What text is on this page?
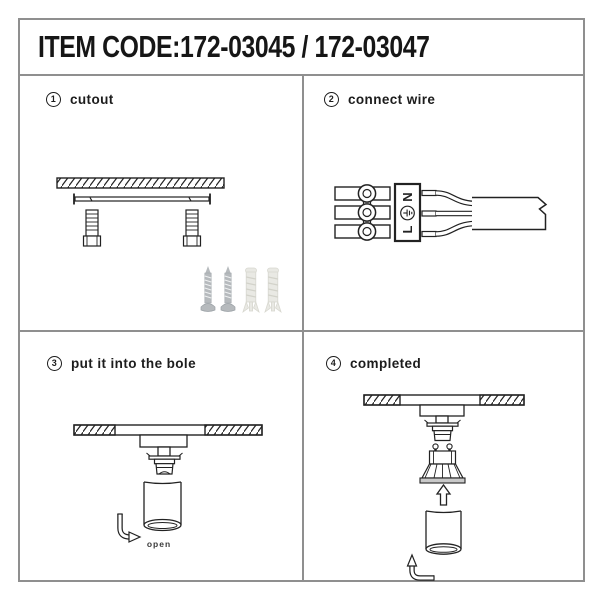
ITEM CODE:172-03045 / 172-03047
1	cutout	2	connect wire
N
L
3	put it into the bole
open
4	completed
